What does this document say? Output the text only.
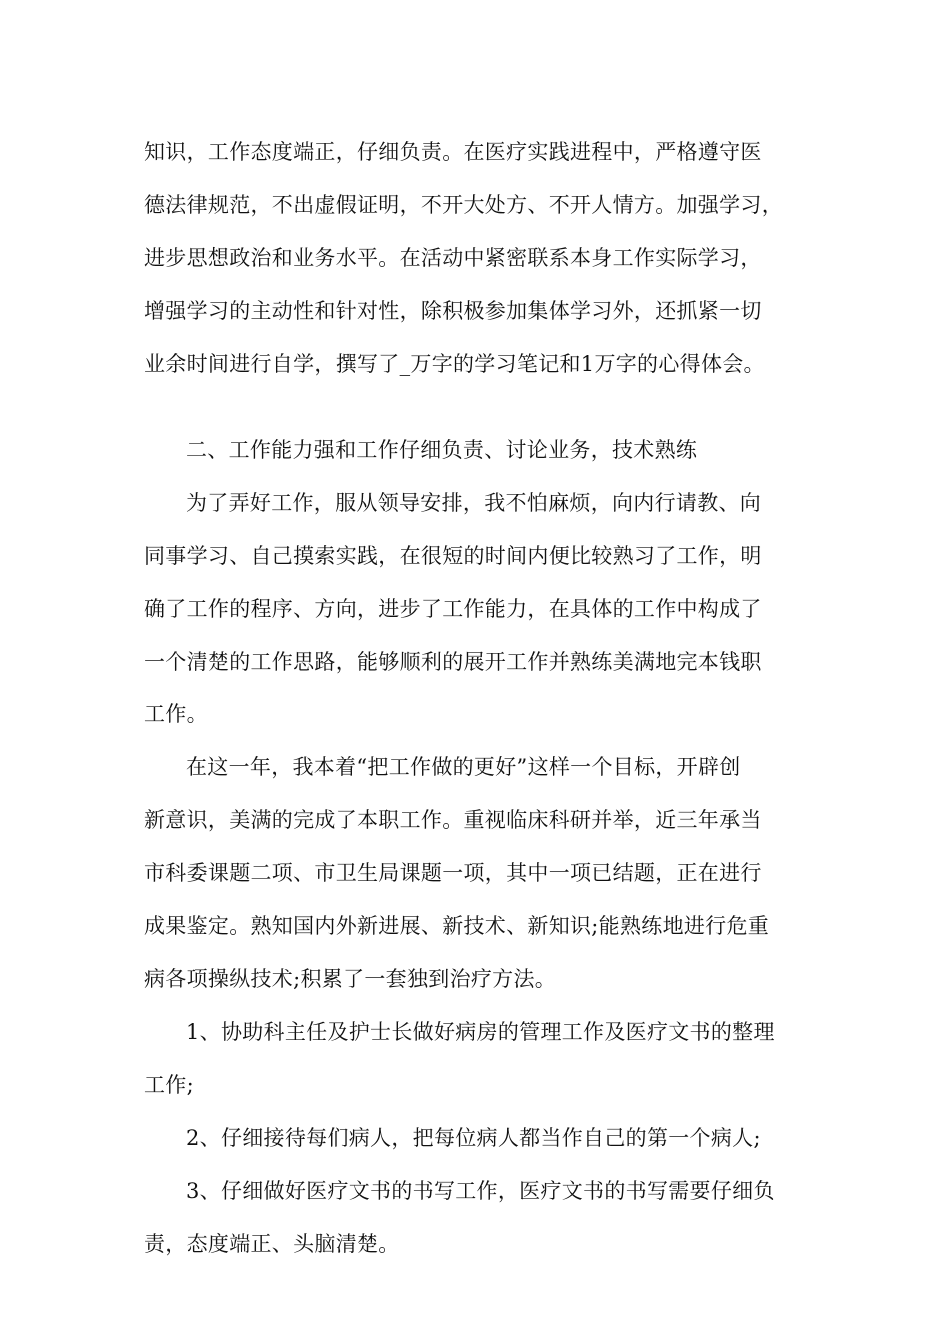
知识，工作态度端正，仔细负责。在医疗实践进程中，严格遵守医
德法律规范，不出虚假证明，不开大处方、不开人情方。加强学习，
进步思想政治和业务水平。在活动中紧密联系本身工作实际学习，
增强学习的主动性和针对性，除积极参加集体学习外，还抓紧一切
业余时间进行自学，撰写了_万字的学习笔记和1万字的心得体会。
二、工作能力强和工作仔细负责、讨论业务，技术熟练
为了弄好工作，服从领导安排，我不怕麻烦，向内行请教、向
同事学习、自己摸索实践，在很短的时间内便比较熟习了工作，明
确了工作的程序、方向，进步了工作能力，在具体的工作中构成了
一个清楚的工作思路，能够顺利的展开工作并熟练美满地完本钱职
工作。
在这一年，我本着“把工作做的更好”这样一个目标，开辟创
新意识，美满的完成了本职工作。重视临床科研并举，近三年承当
市科委课题二项、市卫生局课题一项，其中一项已结题，正在进行
成果鉴定。熟知国内外新进展、新技术、新知识;能熟练地进行危重
病各项操纵技术;积累了一套独到治疗方法。
1、协助科主任及护士长做好病房的管理工作及医疗文书的整理
工作;
2、仔细接待每们病人，把每位病人都当作自己的第一个病人;
3、仔细做好医疗文书的书写工作，医疗文书的书写需要仔细负
责，态度端正、头脑清楚。
